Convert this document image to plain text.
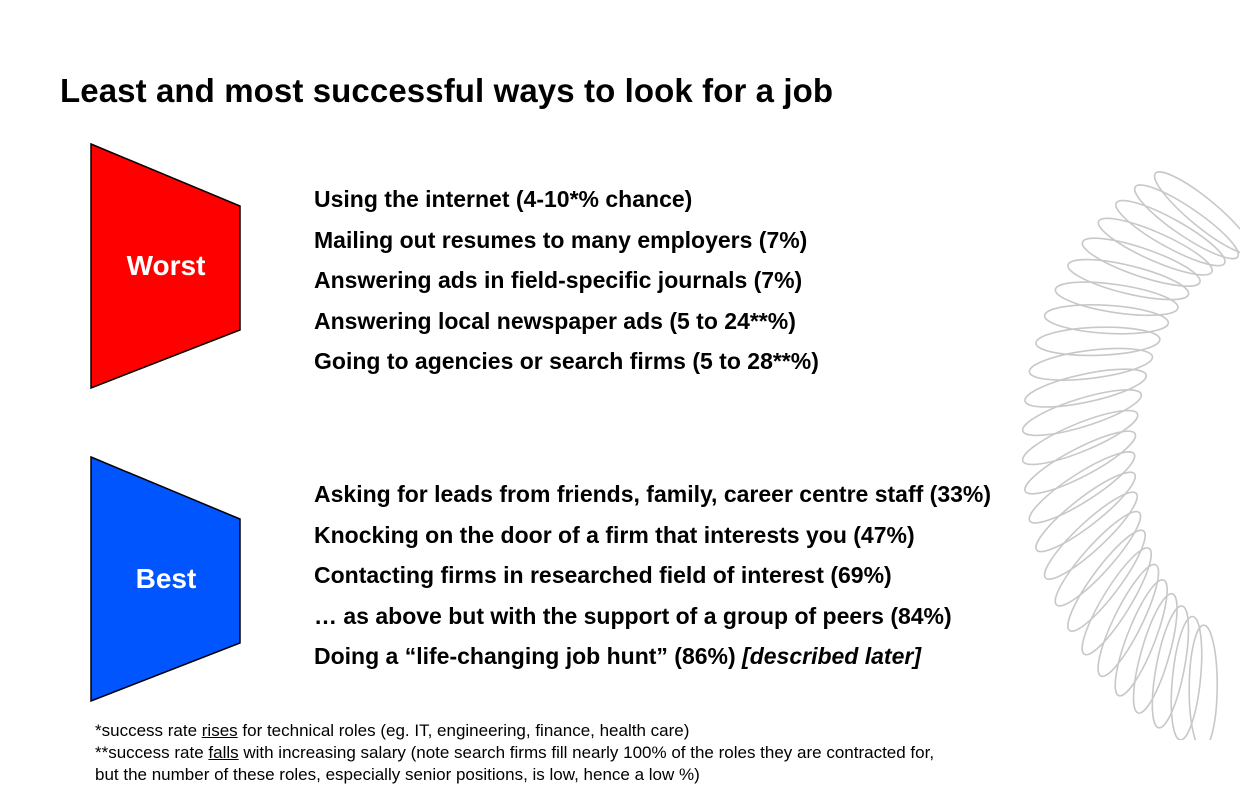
Least and most successful ways to look for a job
Worst
Using the internet (4-10*% chance)
Mailing out resumes to many employers (7%)
Answering ads in field-specific journals (7%)
Answering local newspaper ads (5 to 24**%)
Going to agencies or search firms (5 to 28**%)
Best
Asking for leads from friends, family, career centre staff (33%)
Knocking on the door of a firm that interests you (47%)
Contacting firms in researched field of interest (69%)
… as above but with the support of a group of peers (84%)
Doing a “life-changing job hunt” (86%) [described later]
*success rate rises for technical roles (eg. IT, engineering, finance, health care)
**success rate falls with increasing salary (note search firms fill nearly 100% of the roles they are contracted for,
but the number of these roles, especially senior positions, is low, hence a low %)
